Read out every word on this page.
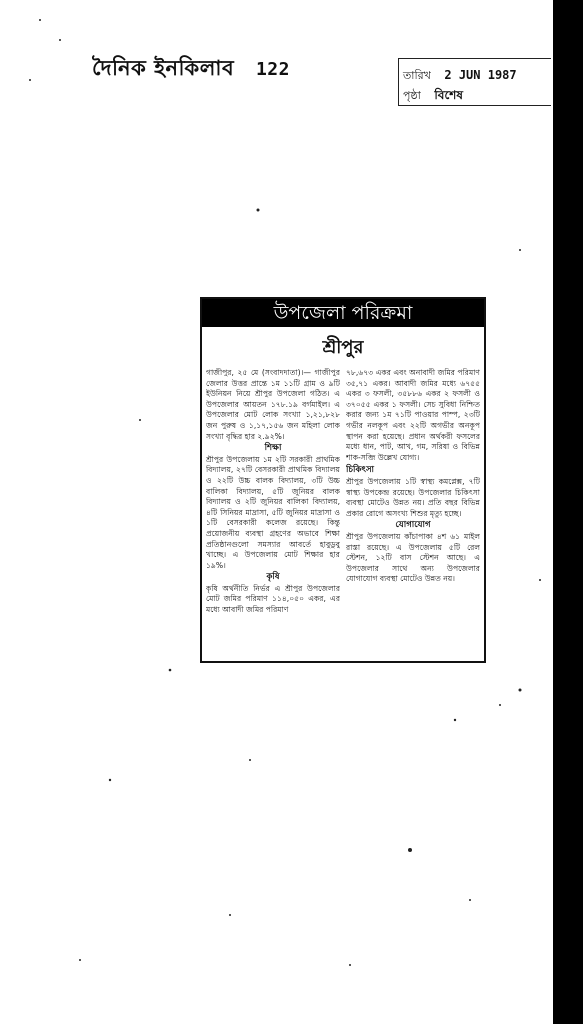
দৈনিক ইনকিলাব 122	তারিখ 2 JUN 1987
পৃষ্ঠা বিশেষ
উপজেলা পরিক্রমা
শ্রীপুর
গাজীপুর, ২৫ মে (সংবাদদাতা)।— গাজীপুর জেলার উত্তর প্রান্তে ১ম ১১টি গ্রাম ও ৯টি ইউনিয়ন নিয়ে শ্রীপুর উপজেলা গঠিত। এ উপজেলার আয়তন ১৭৮.১৯ বর্গমাইল। এ উপজেলার মোট লোক সংখ্যা ১,২১,৮২৮ জন পুরুষ ও ১,১৭,১৫৬ জন মহিলা লোক সংখ্যা বৃদ্ধির হার ২.৯২%।
শিক্ষা
শ্রীপুর উপজেলায় ১ম ২টি সরকারী প্রাথমিক বিদ্যালয়, ২৭টি বেসরকারী প্রাথমিক বিদ্যালয় ও ২২টি উচ্চ বালক বিদ্যালয়, ৩টি উচ্চ বালিকা বিদ্যালয়, ৫টি জুনিয়র বালক বিদ্যালয় ও ২টি জুনিয়র বালিকা বিদ্যালয়, ৪টি সিনিয়র মাদ্রাসা, ৫টি জুনিয়র মাদ্রাসা ও ১টি বেসরকারী কলেজ রয়েছে। কিন্তু প্রয়োজনীয় ব্যবস্থা গ্রহণের অভাবে শিক্ষা প্রতিষ্ঠানগুলো সমস্যার আবর্তে হাবুডুবু খাচ্ছে। এ উপজেলায় মোট শিক্ষার হার ১৯%।
কৃষি
কৃষি অর্থনীতি নির্ভর এ শ্রীপুর উপজেলার মোট জমির পরিমাণ ১১৪,০৫০ একর, এর মধ্যে আবাদী জমির পরিমাণ
৭৮,৬৭৩ একর এবং অনাবাদী জমির পরিমাণ ৩৫,৭১ একর। আবাদী জমির মধ্যে ৬৭৫৫ একর ৩ ফসলী, ৩৫৮৮৬ একর ২ ফসলী ও ৩৭০৫৫ একর ১ ফসলী। সেচ সুবিধা নিশ্চিত করার জন্য ১ম ৭১টি পাওয়ার পাম্প, ২৩টি গভীর নলকূপ এবং ২২টি অগভীর অনকূপ স্থাপন করা হয়েছে। প্রধান অর্থকরী ফসলের মধ্যে ধান, পাট, আখ, গম, সরিষা ও বিভিন্ন শাক-সব্জি উল্লেখ যোগ্য।
চিকিৎসা
শ্রীপুর উপজেলায় ১টি স্বাস্থ্য কমপ্লেক্স, ৭টি স্বাস্থ্য উপকেন্দ্র রয়েছে। উপজেলার চিকিৎসা ব্যবস্থা মোটেও উন্নত নয়। প্রতি বছর বিভিন্ন প্রকার রোগে অসংখ্য শিশুর মৃত্যু হচ্ছে।
যোগাযোগ
শ্রীপুর উপজেলায় কাঁচাপাকা ৪শ ৬১ মাইল রাস্তা রয়েছে। এ উপজেলায় ৫টি রেল স্টেশন, ১২টি বাস স্টেশন আছে। এ উপজেলার সাথে অন্য উপজেলার যোগাযোগ ব্যবস্থা মোটেও উন্নত নয়।
